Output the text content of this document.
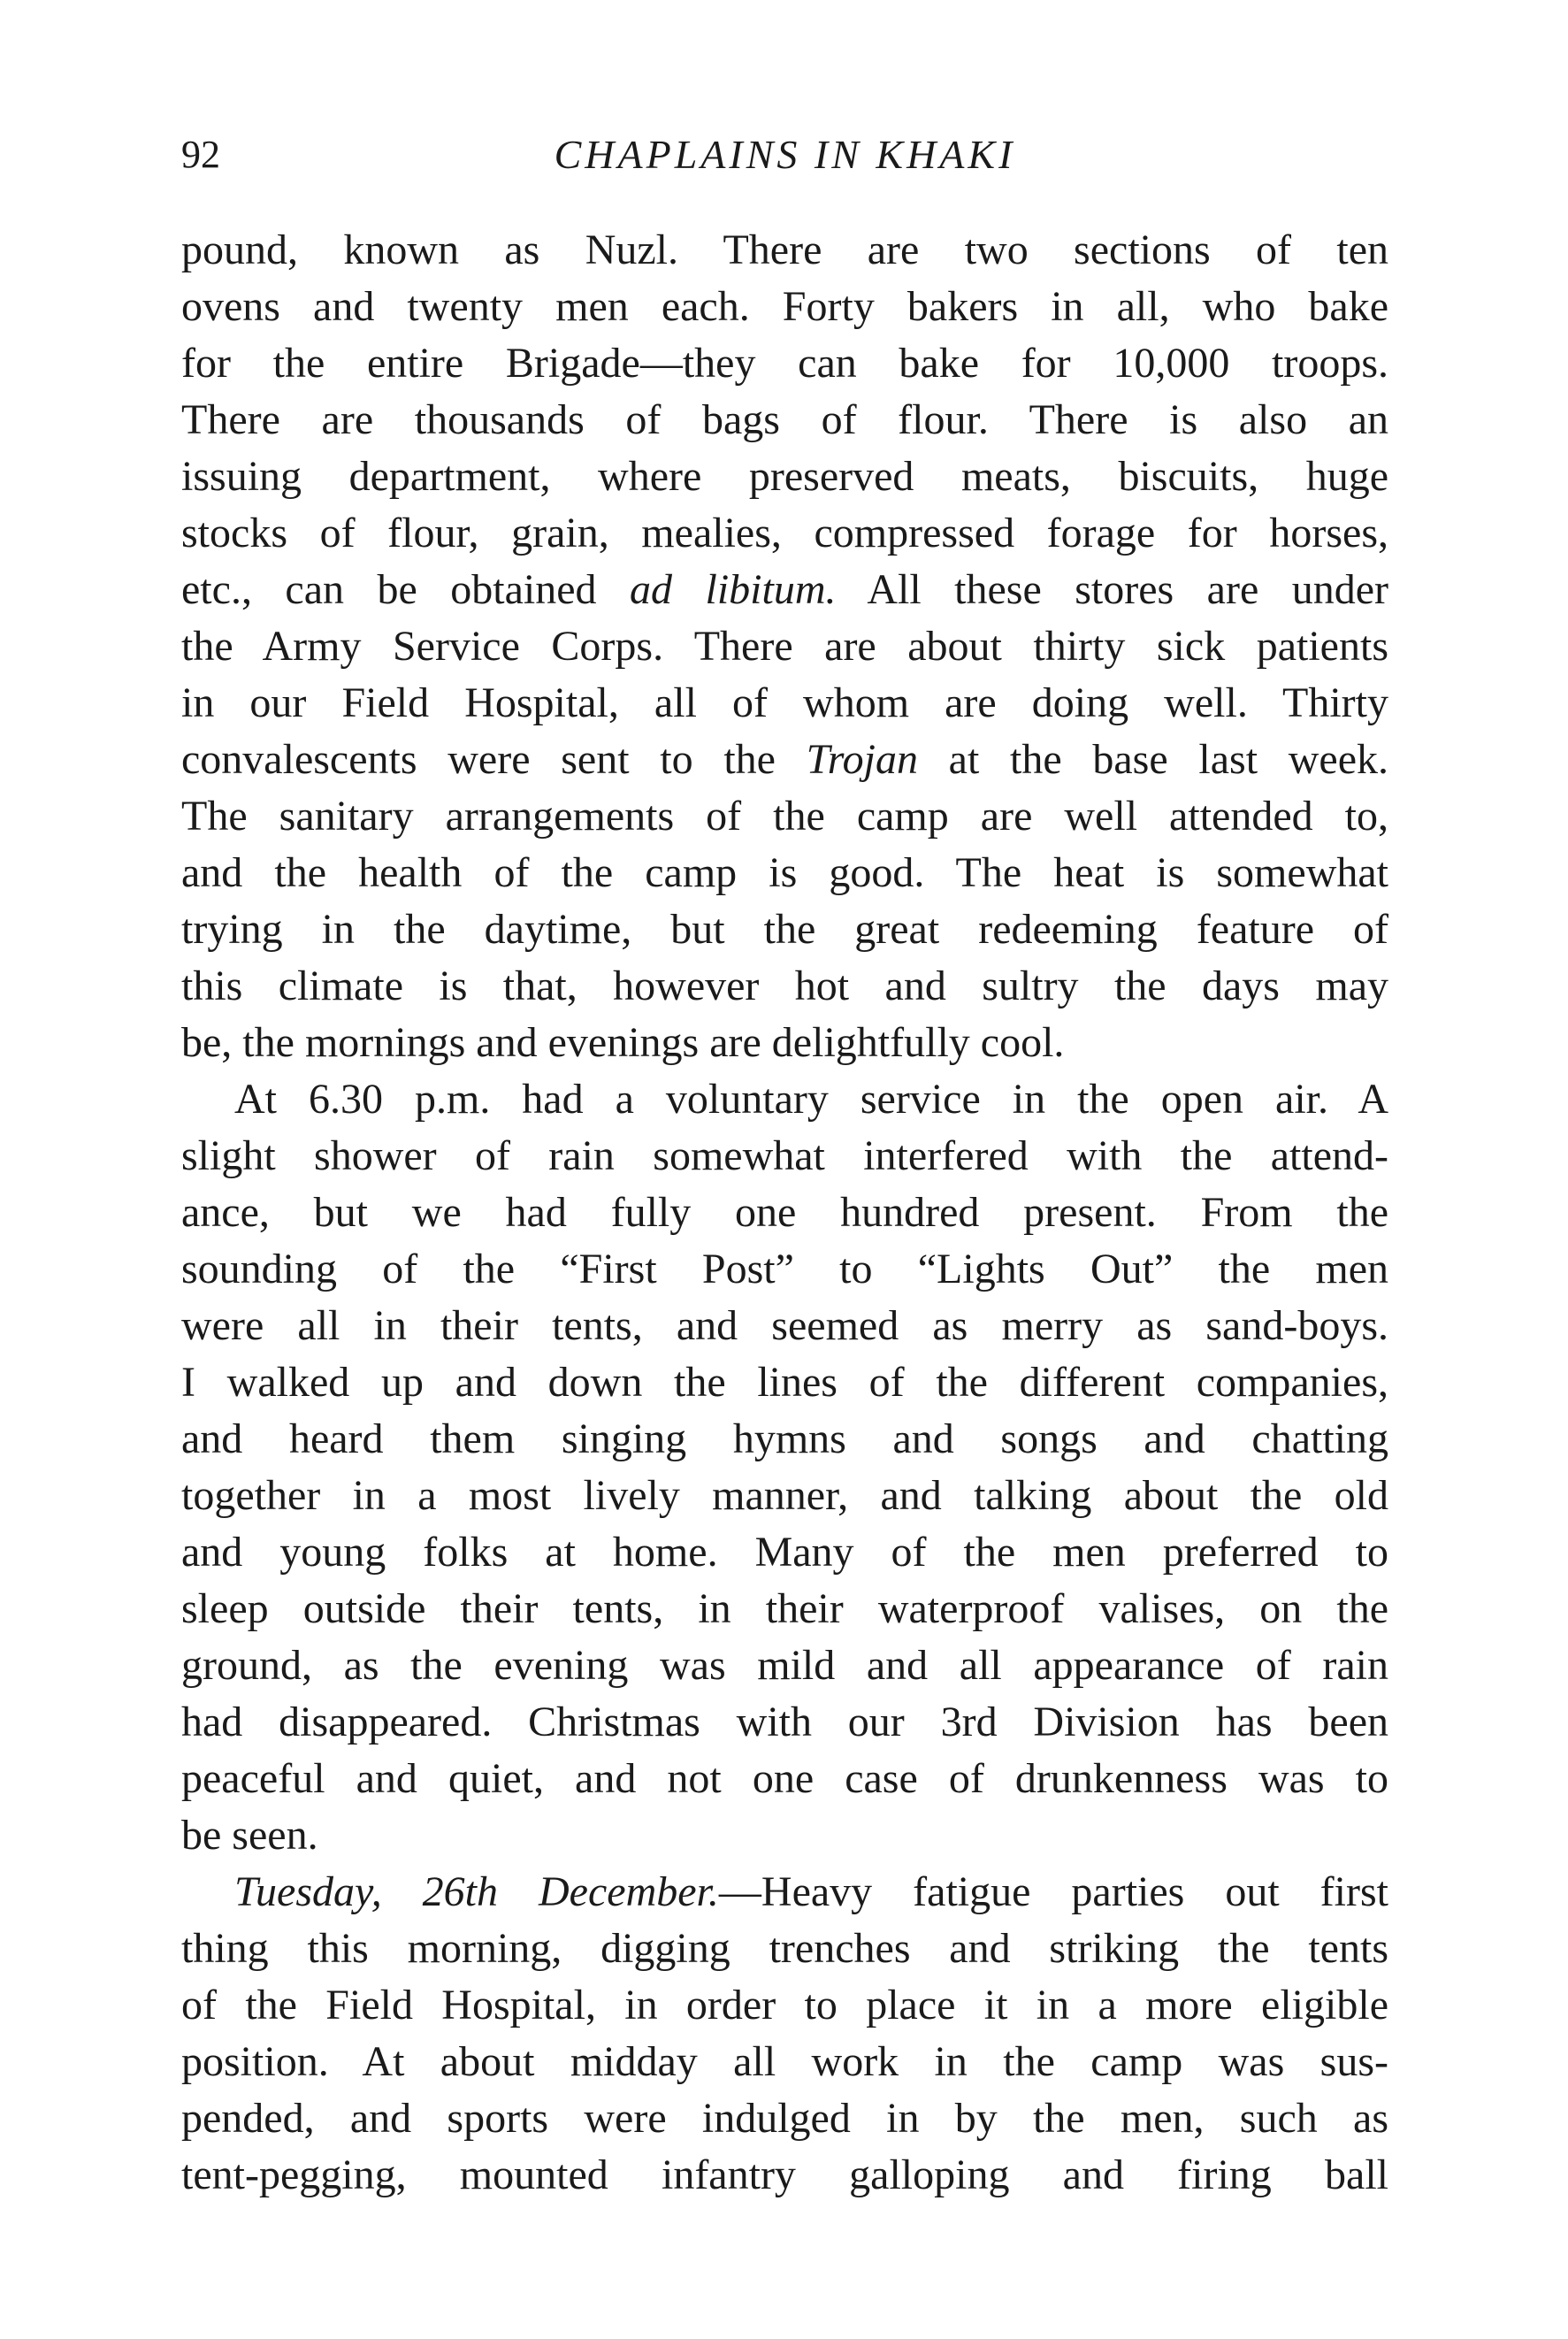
92	CHAPLAINS IN KHAKI
pound, known as Nuzl. There are two sections of ten
ovens and twenty men each. Forty bakers in all, who bake
for the entire Brigade—they can bake for 10,000 troops.
There are thousands of bags of flour. There is also an
issuing department, where preserved meats, biscuits, huge
stocks of flour, grain, mealies, compressed forage for horses,
etc., can be obtained ad libitum. All these stores are under
the Army Service Corps. There are about thirty sick patients
in our Field Hospital, all of whom are doing well. Thirty
convalescents were sent to the Trojan at the base last week.
The sanitary arrangements of the camp are well attended to,
and the health of the camp is good. The heat is somewhat
trying in the daytime, but the great redeeming feature of
this climate is that, however hot and sultry the days may
be, the mornings and evenings are delightfully cool.
At 6.30 p.m. had a voluntary service in the open air. A
slight shower of rain somewhat interfered with the attend-
ance, but we had fully one hundred present. From the
sounding of the “First Post” to “Lights Out” the men
were all in their tents, and seemed as merry as sand-boys.
I walked up and down the lines of the different companies,
and heard them singing hymns and songs and chatting
together in a most lively manner, and talking about the old
and young folks at home. Many of the men preferred to
sleep outside their tents, in their waterproof valises, on the
ground, as the evening was mild and all appearance of rain
had disappeared. Christmas with our 3rd Division has been
peaceful and quiet, and not one case of drunkenness was to
be seen.
Tuesday, 26th December.—Heavy fatigue parties out first
thing this morning, digging trenches and striking the tents
of the Field Hospital, in order to place it in a more eligible
position. At about midday all work in the camp was sus-
pended, and sports were indulged in by the men, such as
tent-pegging, mounted infantry galloping and firing ball
